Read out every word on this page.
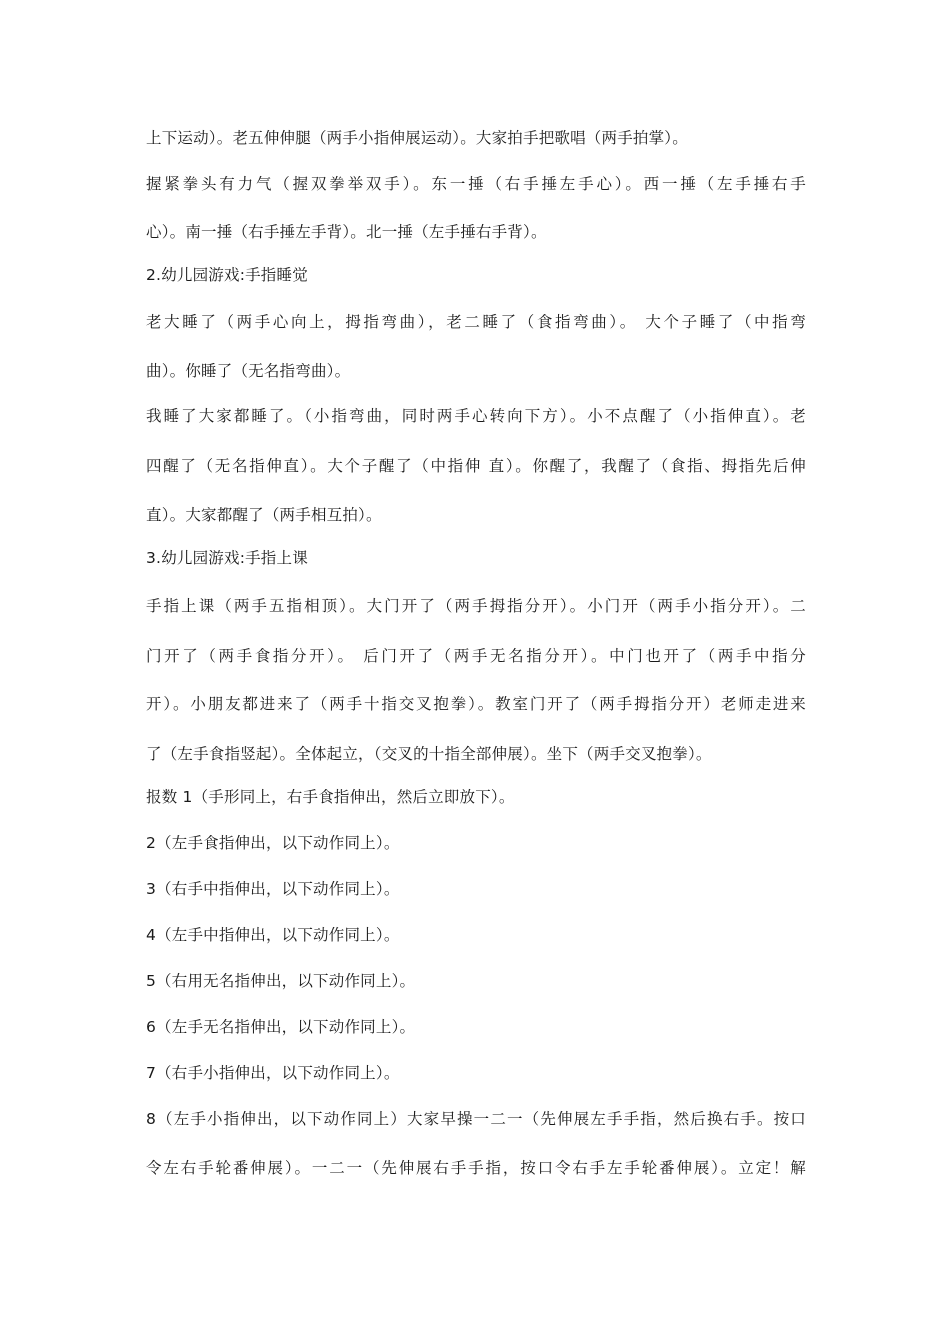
上下运动）。老五伸伸腿（两手小指伸展运动）。大家拍手把歌唱（两手拍掌）。

握紧拳头有力气（握双拳举双手）。东一捶（右手捶左手心）。西一捶（左手捶右手

心）。南一捶（右手捶左手背）。北一捶（左手捶右手背）。

2.幼儿园游戏:手指睡觉

老大睡了（两手心向上，拇指弯曲），老二睡了（食指弯曲）。 大个子睡了（中指弯

曲）。你睡了（无名指弯曲）。

我睡了大家都睡了。（小指弯曲，同时两手心转向下方）。小不点醒了（小指伸直）。老

四醒了（无名指伸直）。大个子醒了（中指伸 直）。你醒了，我醒了（食指、拇指先后伸

直）。大家都醒了（两手相互拍）。

3.幼儿园游戏:手指上课

手指上课（两手五指相顶）。大门开了（两手拇指分开）。小门开（两手小指分开）。二

门开了（两手食指分开）。 后门开了（两手无名指分开）。中门也开了（两手中指分

开）。小朋友都进来了（两手十指交叉抱拳）。教室门开了（两手拇指分开）老师走进来

了（左手食指竖起）。全体起立，（交叉的十指全部伸展）。坐下（两手交叉抱拳）。

报数 1（手形同上，右手食指伸出，然后立即放下）。

2（左手食指伸出，以下动作同上）。

3（右手中指伸出，以下动作同上）。

4（左手中指伸出，以下动作同上）。

5（右用无名指伸出，以下动作同上）。

6（左手无名指伸出，以下动作同上）。

7（右手小指伸出，以下动作同上）。

8（左手小指伸出，以下动作同上）大家早操一二一（先伸展左手手指，然后换右手。按口

令左右手轮番伸展）。一二一（先伸展右手手指，按口令右手左手轮番伸展）。立定！解
